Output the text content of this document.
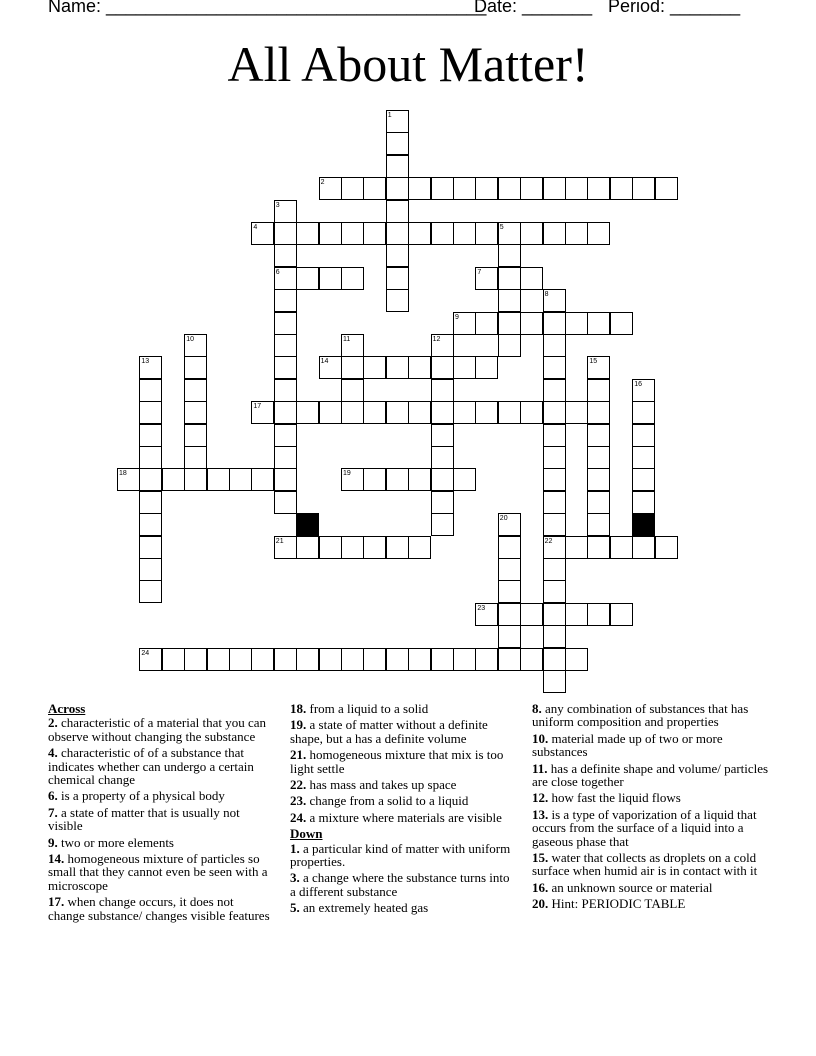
Name: ______________________________________
Date: _______ Period: _______
All About Matter!
2
4	5
6	7
9
14
17
18	19
21	22
23
24
1
3
8
10	11	12
13	15
16
20
Across
2. characteristic of a material that you can observe without changing the substance
4. characteristic of of a substance that indicates whether can undergo a certain chemical change
6. is a property of a physical body
7. a state of matter that is usually not visible
9. two or more elements
14. homogeneous mixture of particles so small that they cannot even be seen with a microscope
17. when change occurs, it does not change substance/ changes visible features
18. from a liquid to a solid
19. a state of matter without a definite shape, but a has a definite volume
21. homogeneous mixture that mix is too light settle
22. has mass and takes up space
23. change from a solid to a liquid
24. a mixture where materials are visible
Down
1. a particular kind of matter with uniform properties.
3. a change where the substance turns into a different substance
5. an extremely heated gas
8. any combination of substances that has uniform composition and properties
10. material made up of two or more substances
11. has a definite shape and volume/ particles are close together
12. how fast the liquid flows
13. is a type of vaporization of a liquid that occurs from the surface of a liquid into a gaseous phase that
15. water that collects as droplets on a cold surface when humid air is in contact with it
16. an unknown source or material
20. Hint: PERIODIC TABLE
